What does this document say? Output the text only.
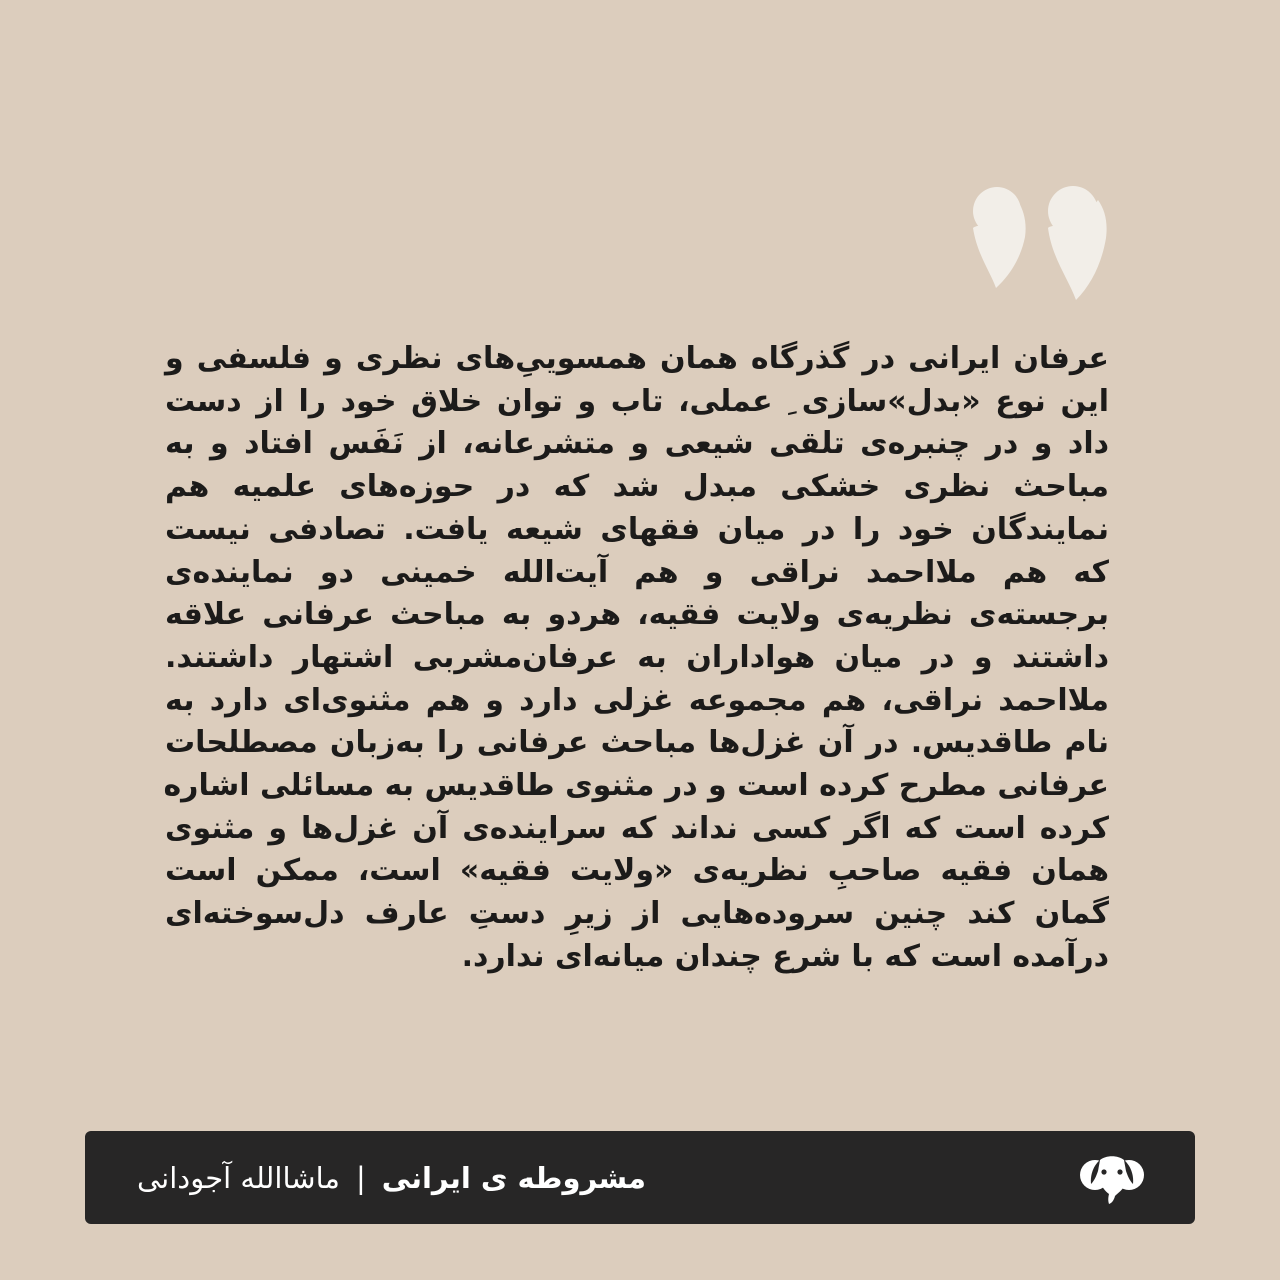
عرفان ایرانی در گذرگاه همان همسوییِ‌های نظری و فلسفی و
این نوع «بدل»سازی ِ عملی، تاب و توان خلاق خود را از دست
داد و در چنبره‌ی تلقی شیعی و متشرعانه، از نَفَس افتاد و به
مباحث نظری خشکی مبدل شد که در حوزه‌های علمیه هم
نمایندگان خود را در میان فقهای شیعه یافت. تصادفی نیست
که هم ملااحمد نراقی و هم آیت‌الله خمینی دو نماینده‌ی
برجسته‌ی نظریه‌ی ولایت فقیه، هردو به مباحث عرفانی علاقه
داشتند و در میان هواداران به عرفان‌مشربی اشتهار داشتند.
ملااحمد نراقی، هم مجموعه غزلی دارد و هم مثنوی‌ای دارد به
نام طاقدیس. در آن غزل‌ها مباحث عرفانی را به‌زبان مصطلحات
عرفانی مطرح کرده است و در مثنوی طاقدیس به مسائلی اشاره
کرده است که اگر کسی نداند که سراینده‌ی آن غزل‌ها و مثنوی
همان فقیه صاحبِ نظریه‌ی «ولایت فقیه» است، ممکن است
گمان کند چنین سروده‌هایی از زیرِ دستِ عارف دل‌سوخته‌ای
درآمده است که با شرع چندان میانه‌ای ندارد.
مشروطه ی ایرانی
|
ماشاالله آجودانی
